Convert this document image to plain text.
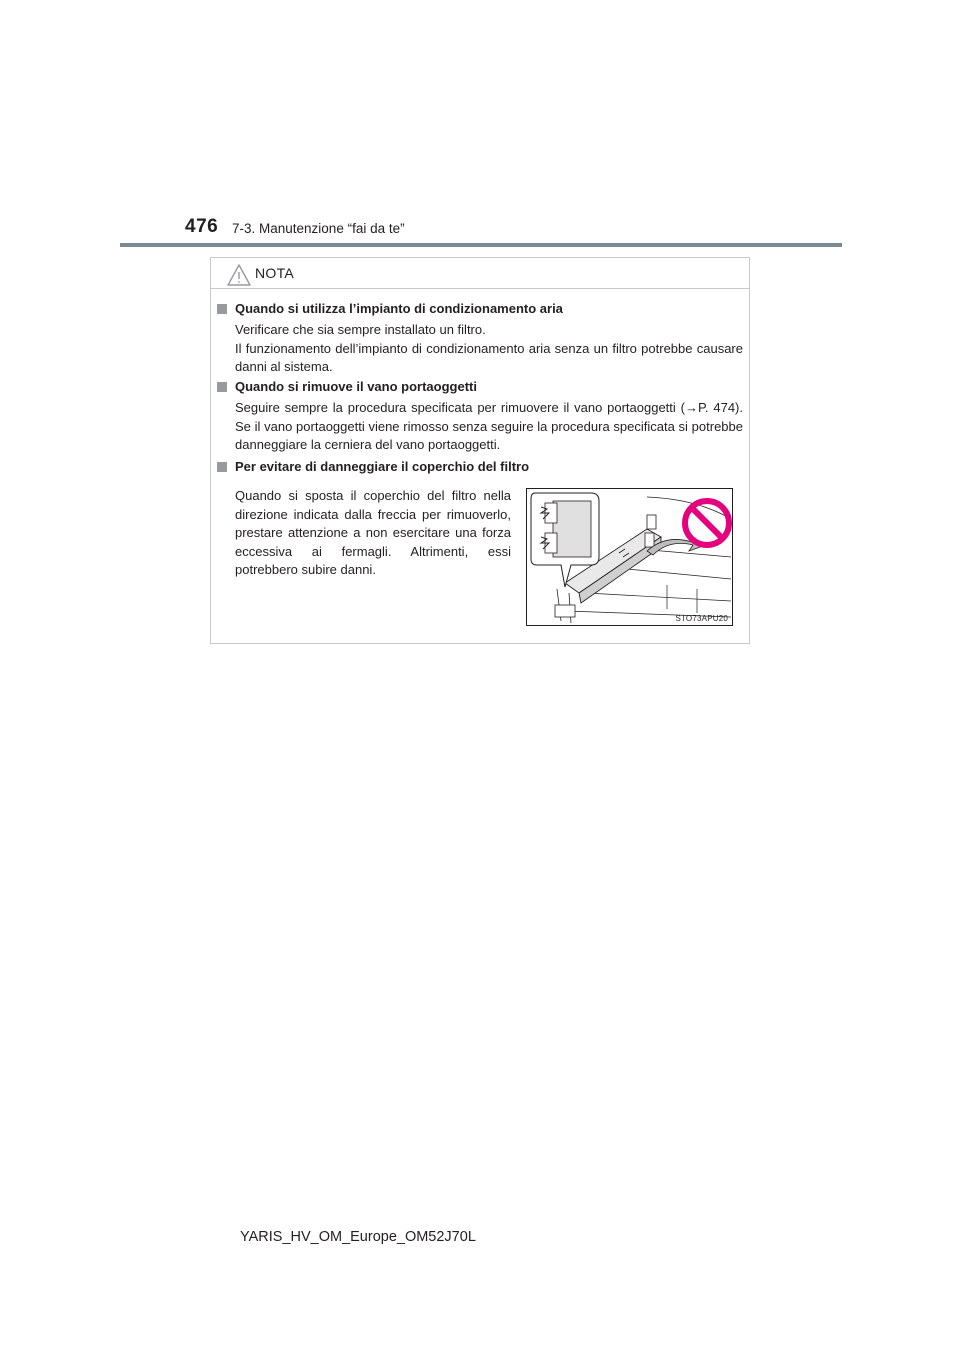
476 7-3. Manutenzione “fai da te”
NOTA
Quando si utilizza l’impianto di condizionamento aria

Verificare che sia sempre installato un filtro.

Il funzionamento dell’impianto di condizionamento aria senza un filtro potrebbe causare danni al sistema.

Quando si rimuove il vano portaoggetti

Seguire sempre la procedura specificata per rimuovere il vano portaoggetti (→P. 474). Se il vano portaoggetti viene rimosso senza seguire la procedura specificata si potrebbe danneggiare la cerniera del vano portaoggetti.

Per evitare di danneggiare il coperchio del filtro

Quando si sposta il coperchio del filtro nella direzione indicata dalla freccia per rimuoverlo, prestare attenzione a non esercitare una forza eccessiva ai fermagli. Altrimenti, essi potrebbero subire danni.

STO73APU20
YARIS_HV_OM_Europe_OM52J70L
